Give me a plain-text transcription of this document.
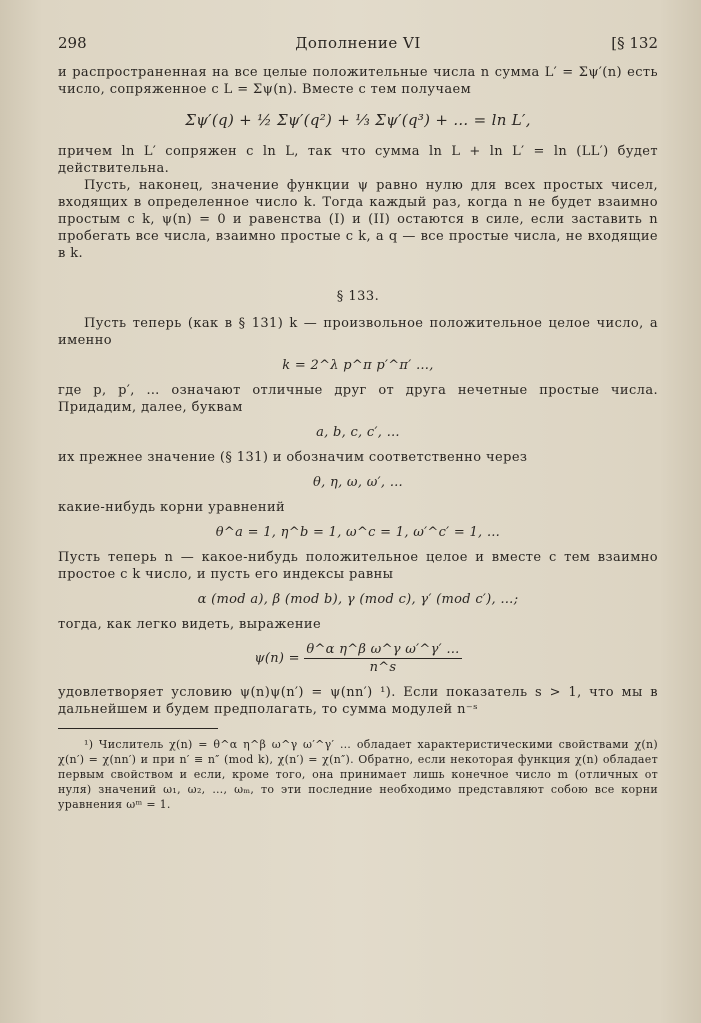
298	Дополнение VI	[§ 132

и распространенная на все целые положительные числа n сумма L′ = Σψ′(n) есть число, сопряженное с L = Σψ(n). Вместе с тем получаем

Σψ′(q) + ½ Σψ′(q²) + ⅓ Σψ′(q³) + … = ln L′,

причем ln L′ сопряжен с ln L, так что сумма ln L + ln L′ = ln (LL′) будет действительна.

Пусть, наконец, значение функции ψ равно нулю для всех простых чисел, входящих в определенное число k. Тогда каждый раз, когда n не будет взаимно простым с k, ψ(n) = 0 и равенства (I) и (II) остаются в силе, если заставить n пробегать все числа, взаимно простые с k, а q — все простые числа, не входящие в k.

§ 133.

Пусть теперь (как в § 131) k — произвольное положительное целое число, а именно

k = 2^λ p^π p′^π′ …,

где p, p′, … означают отличные друг от друга нечетные простые числа. Придадим, далее, буквам

a, b, c, c′, …

их прежнее значение (§ 131) и обозначим соответственно через

θ, η, ω, ω′, …

какие-нибудь корни уравнений

θ^a = 1, η^b = 1, ω^c = 1, ω′^c′ = 1, …

Пусть теперь n — какое-нибудь положительное целое и вместе с тем взаимно простое с k число, и пусть его индексы равны

α (mod a), β (mod b), γ (mod c), γ′ (mod c′), …;

тогда, как легко видеть, выражение

$\psi(n) = \frac{\text{θ\textasciicircum{}α η\textasciicircum{}β ω\textasciicircum{}γ ω′\textasciicircum{}γ′ …}}{n\^{}s}$

удовлетворяет условию ψ(n)ψ(n′) = ψ(nn′) ¹). Если показатель s > 1, что мы в дальнейшем и будем предполагать, то сумма модулей n⁻ˢ

¹) Числитель χ(n) = θ^α η^β ω^γ ω′^γ′ … обладает характеристическими свойствами χ(n) χ(n′) = χ(nn′) и при n′ ≡ n″ (mod k), χ(n′) = χ(n″). Обратно, если некоторая функция χ(n) обладает первым свойством и если, кроме того, она принимает лишь конечное число m (отличных от нуля) значений ω₁, ω₂, …, ωₘ, то эти последние необходимо представляют собою все корни уравнения ωᵐ = 1.
